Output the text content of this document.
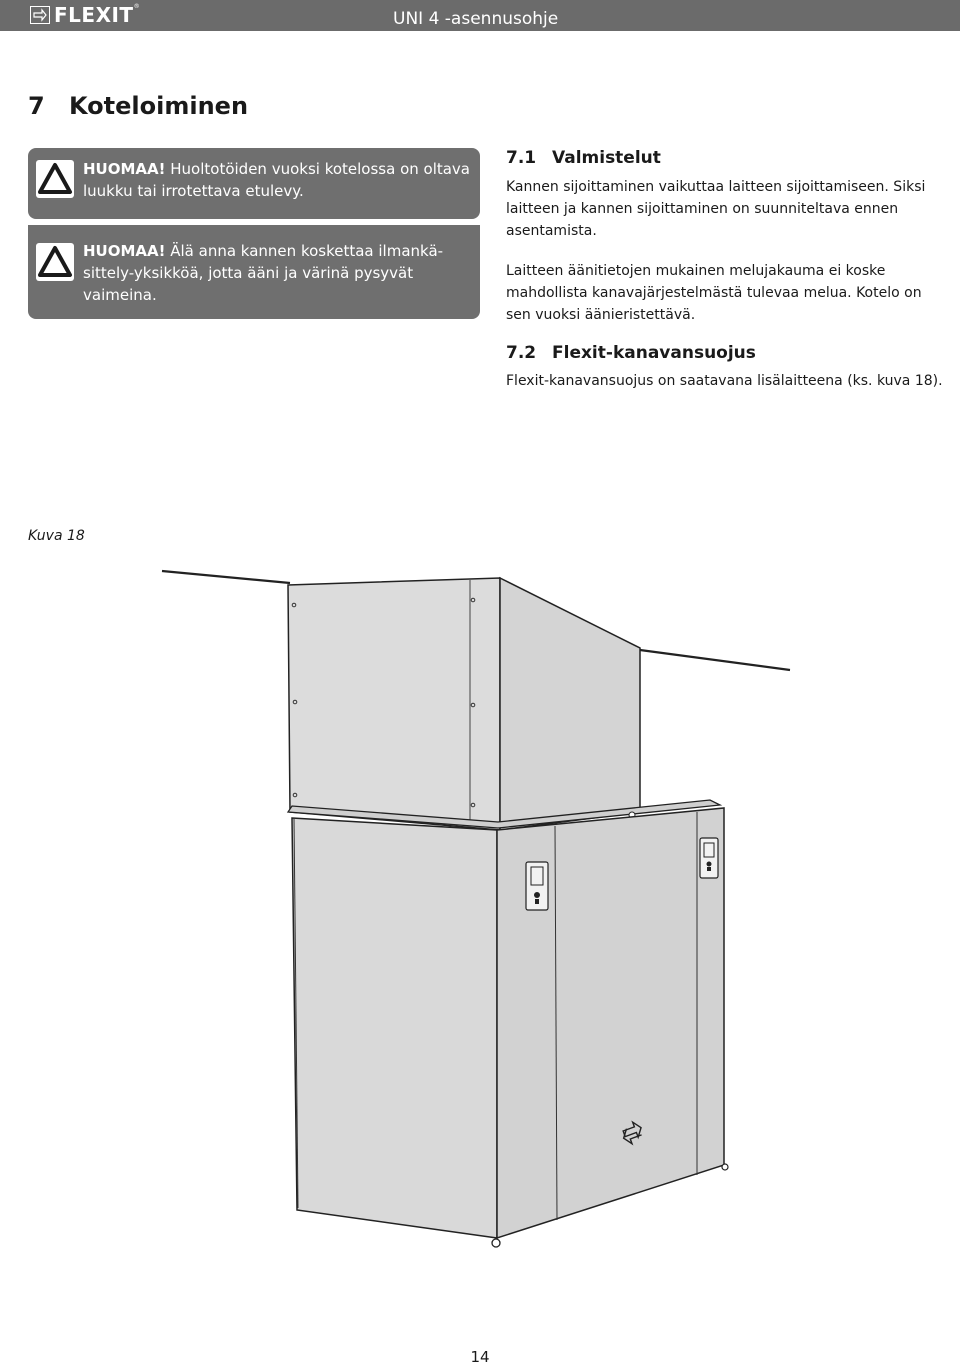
FLEXIT®
UNI 4 -asennusohje
7 Koteloiminen
HUOMAA! Huoltotöiden vuoksi kotelossa on oltava luukku tai irrotettava etulevy.
HUOMAA! Älä anna kannen koskettaa ilmankä-sittely-yksikköä, jotta ääni ja värinä pysyvät vaimeina.
7.1 Valmistelut
Kannen sijoittaminen vaikuttaa laitteen sijoittamiseen. Siksi laitteen ja kannen sijoittaminen on suunniteltava ennen asentamista.
Laitteen äänitietojen mukainen melujakauma ei koske mahdollista kanavajärjestelmästä tulevaa melua. Kotelo on sen vuoksi äänieristettävä.
7.2 Flexit-kanavansuojus
Flexit-kanavansuojus on saatavana lisälaitteena (ks. kuva 18).
Kuva 18
14
